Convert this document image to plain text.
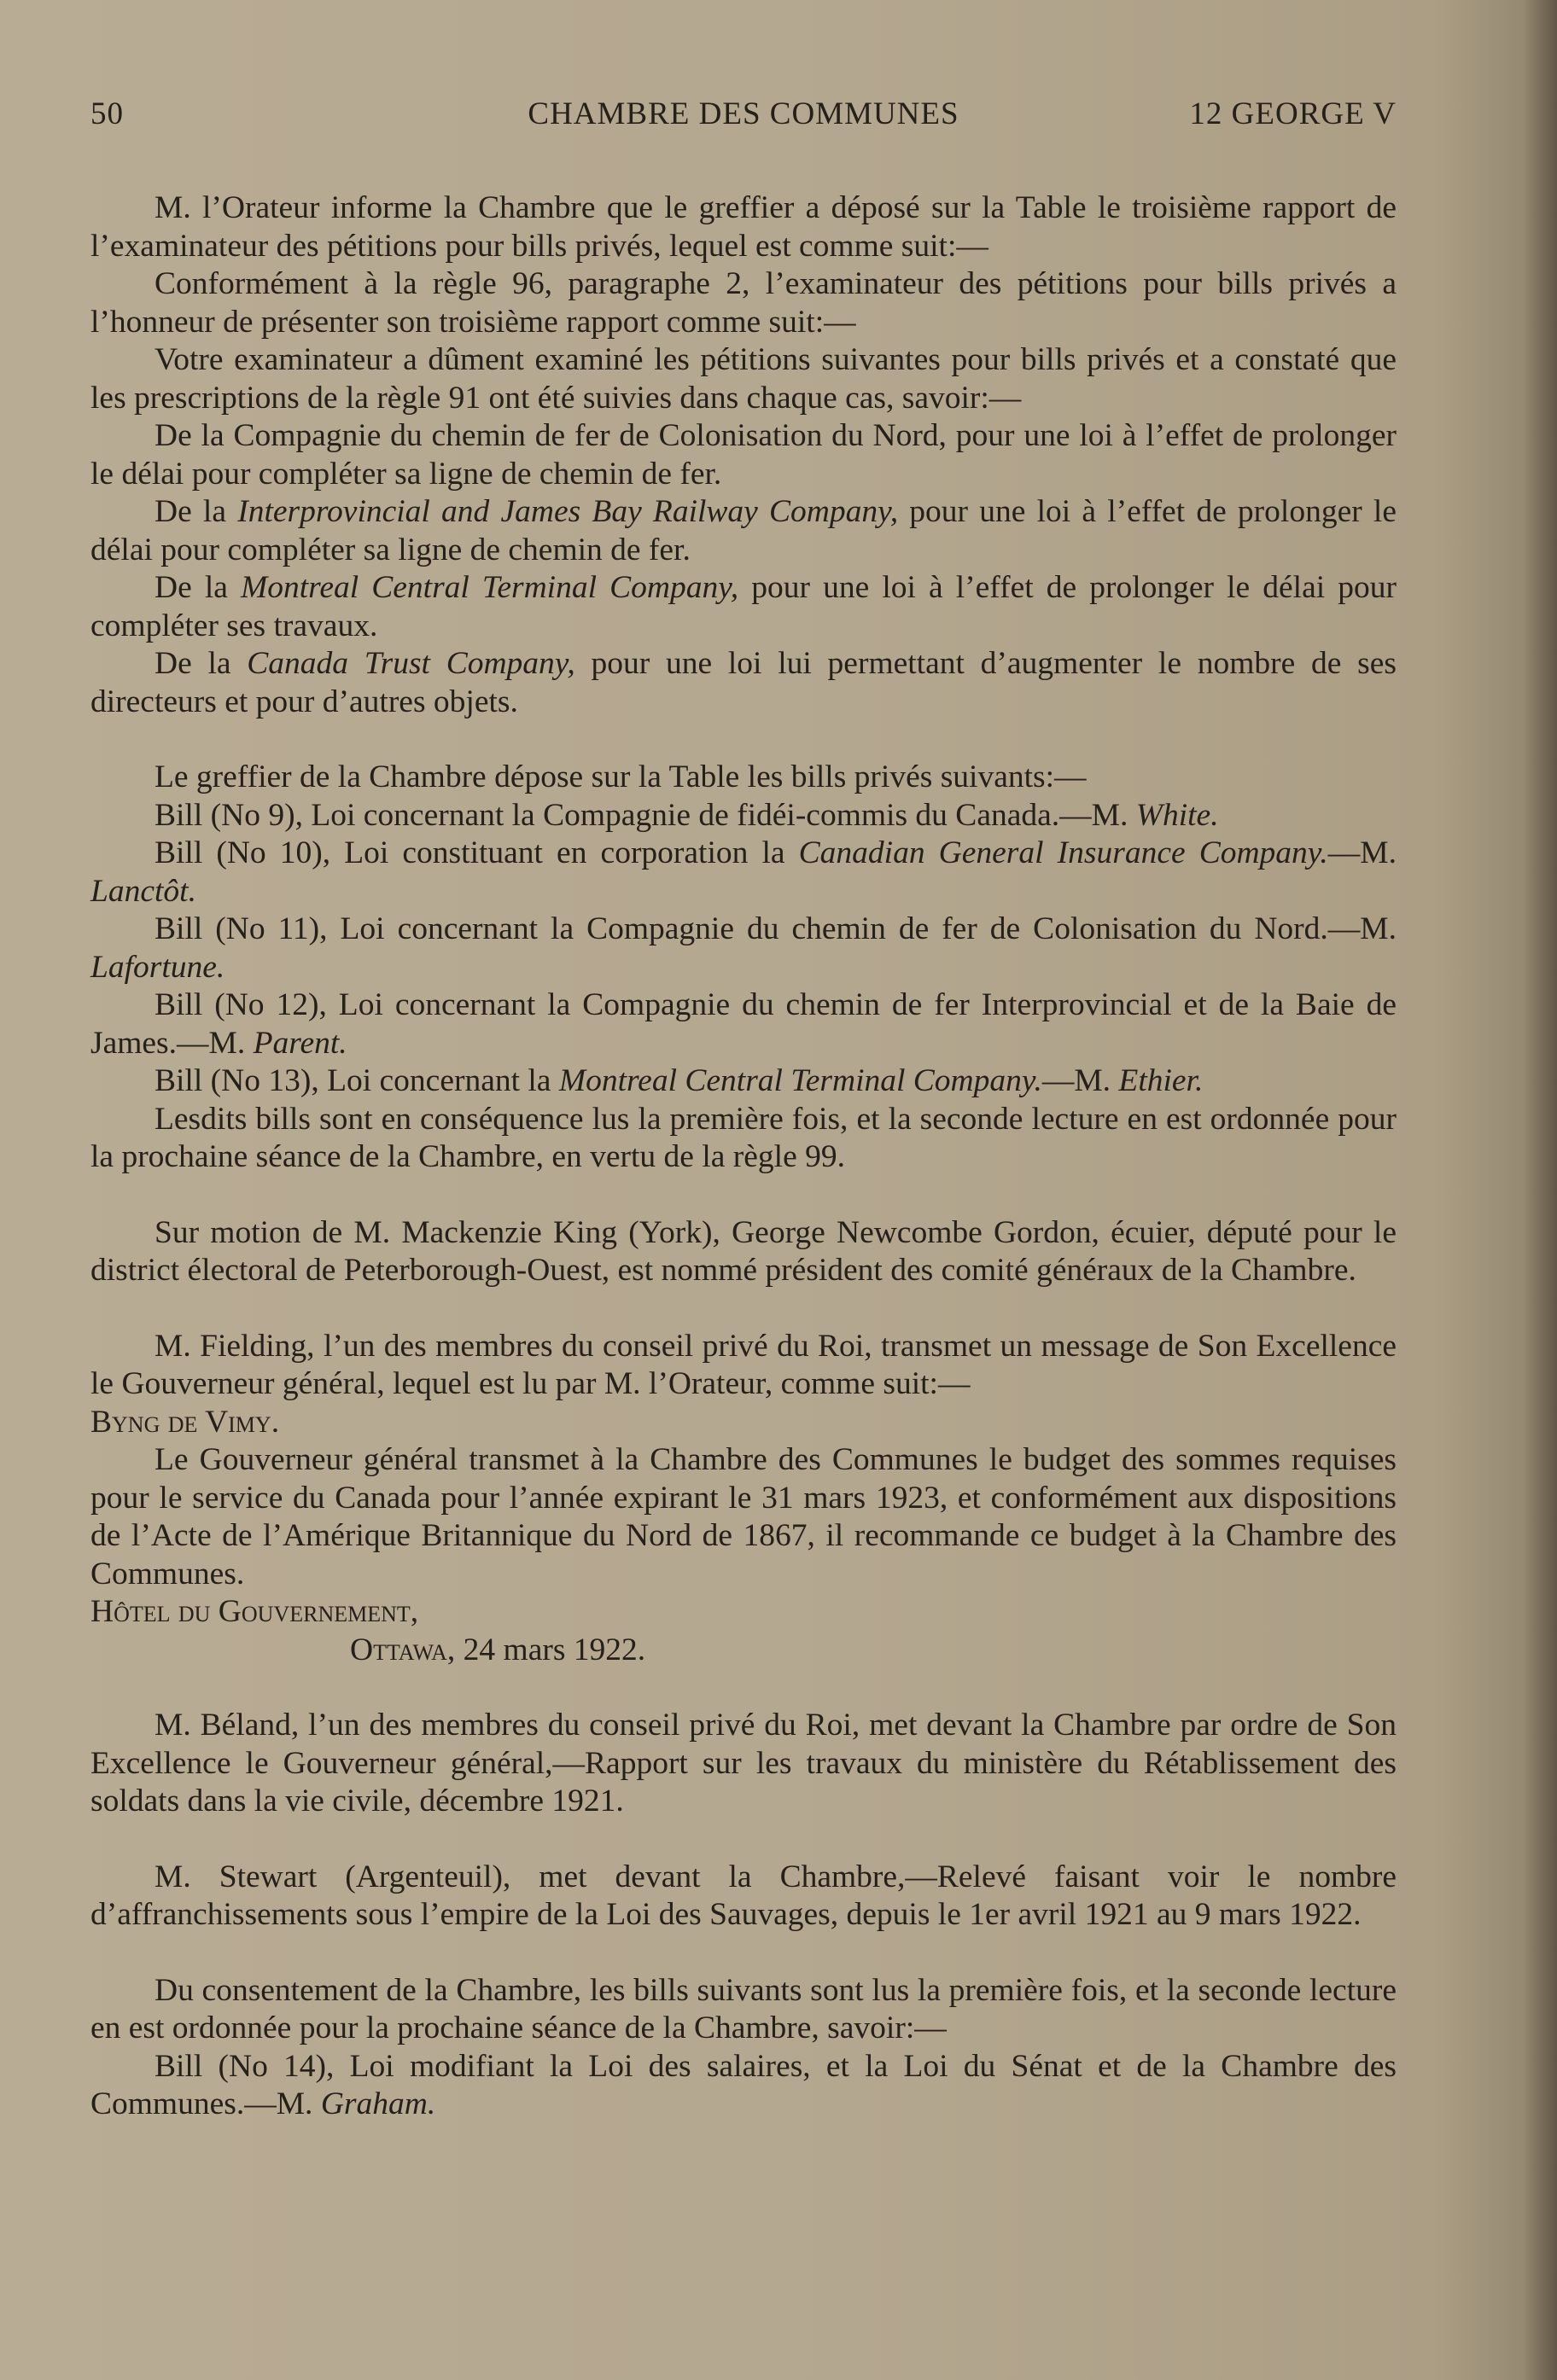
50	CHAMBRE DES COMMUNES	12 GEORGE V

M. l’Orateur informe la Chambre que le greffier a déposé sur la Table le troisième rapport de l’examinateur des pétitions pour bills privés, lequel est comme suit:—

Conformément à la règle 96, paragraphe 2, l’examinateur des pétitions pour bills privés a l’honneur de présenter son troisième rapport comme suit:—

Votre examinateur a dûment examiné les pétitions suivantes pour bills privés et a constaté que les prescriptions de la règle 91 ont été suivies dans chaque cas, savoir:—

De la Compagnie du chemin de fer de Colonisation du Nord, pour une loi à l’effet de prolonger le délai pour compléter sa ligne de chemin de fer.

De la Interprovincial and James Bay Railway Company, pour une loi à l’effet de prolonger le délai pour compléter sa ligne de chemin de fer.

De la Montreal Central Terminal Company, pour une loi à l’effet de prolonger le délai pour compléter ses travaux.

De la Canada Trust Company, pour une loi lui permettant d’augmenter le nombre de ses directeurs et pour d’autres objets.

Le greffier de la Chambre dépose sur la Table les bills privés suivants:—

Bill (No 9), Loi concernant la Compagnie de fidéi-commis du Canada.—M. White.

Bill (No 10), Loi constituant en corporation la Canadian General Insurance Company.—M. Lanctôt.

Bill (No 11), Loi concernant la Compagnie du chemin de fer de Colonisation du Nord.—M. Lafortune.

Bill (No 12), Loi concernant la Compagnie du chemin de fer Interprovincial et de la Baie de James.—M. Parent.

Bill (No 13), Loi concernant la Montreal Central Terminal Company.—M. Ethier.

Lesdits bills sont en conséquence lus la première fois, et la seconde lecture en est ordonnée pour la prochaine séance de la Chambre, en vertu de la règle 99.

Sur motion de M. Mackenzie King (York), George Newcombe Gordon, écuier, député pour le district électoral de Peterborough-Ouest, est nommé président des comité généraux de la Chambre.

M. Fielding, l’un des membres du conseil privé du Roi, transmet un message de Son Excellence le Gouverneur général, lequel est lu par M. l’Orateur, comme suit:—

Byng de Vimy.

Le Gouverneur général transmet à la Chambre des Communes le budget des sommes requises pour le service du Canada pour l’année expirant le 31 mars 1923, et conformément aux dispositions de l’Acte de l’Amérique Britannique du Nord de 1867, il recommande ce budget à la Chambre des Communes.

Hôtel du Gouvernement,

Ottawa, 24 mars 1922.

M. Béland, l’un des membres du conseil privé du Roi, met devant la Chambre par ordre de Son Excellence le Gouverneur général,—Rapport sur les travaux du ministère du Rétablissement des soldats dans la vie civile, décembre 1921.

M. Stewart (Argenteuil), met devant la Chambre,—Relevé faisant voir le nombre d’affranchissements sous l’empire de la Loi des Sauvages, depuis le 1er avril 1921 au 9 mars 1922.

Du consentement de la Chambre, les bills suivants sont lus la première fois, et la seconde lecture en est ordonnée pour la prochaine séance de la Chambre, savoir:—

Bill (No 14), Loi modifiant la Loi des salaires, et la Loi du Sénat et de la Chambre des Communes.—M. Graham.
